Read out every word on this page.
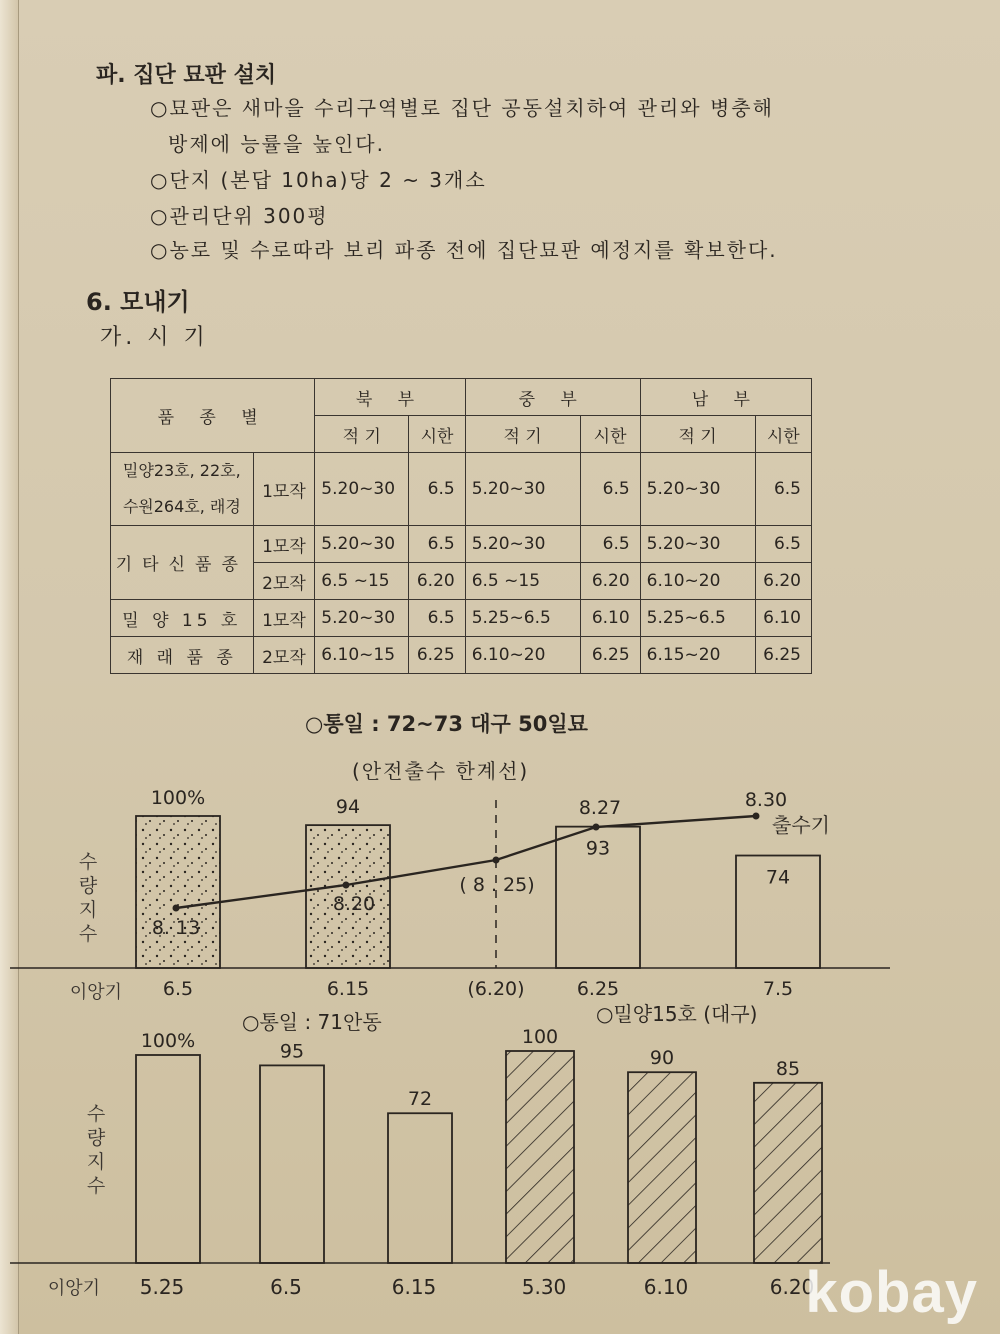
파. 집단 묘판 설치
○묘판은 새마을 수리구역별로 집단 공동설치하여 관리와 병충해
방제에 능률을 높인다.
○단지 (본답 10ha)당 2 ~ 3개소
○관리단위 300평
○농로 및 수로따라 보리 파종 전에 집단묘판 예정지를 확보한다.
6. 모내기
가. 시 기
품 종 별		북 부		중 부		남 부	
		적 기	시한	적 기	시한	적 기	시한

밀양23호, 22호,
수원264호, 래경	1모작	5.20~30	6.5	5.20~30	6.5	5.20~30	6.5
기타신품종	1모작	5.20~30	6.5	5.20~30	6.5	5.20~30	6.5
	2모작	6.5 ~15	6.20	6.5 ~15	6.20	6.10~20	6.20
밀 양 15 호	1모작	5.20~30	6.5	5.25~6.5	6.10	5.25~6.5	6.10
재 래 품 종	2모작	6.10~15	6.25	6.10~20	6.25	6.15~20	6.25
○통일 : 72~73 대구 50일묘
(안전출수 한계선)
100%	94
93
74
6.5	6.15	(6.20)	6.25	7.5
이앙기
수
량
지
수	8. 13
8.20
( 8 . 25)
8.27	8.30
출수기
100%	95
72
5.25	6.5	6.15
이앙기
수
량
지
수
100
90	85
5.30	6.10	6.20
○통일 : 71안동	○밀양15호 (대구)
kobay
